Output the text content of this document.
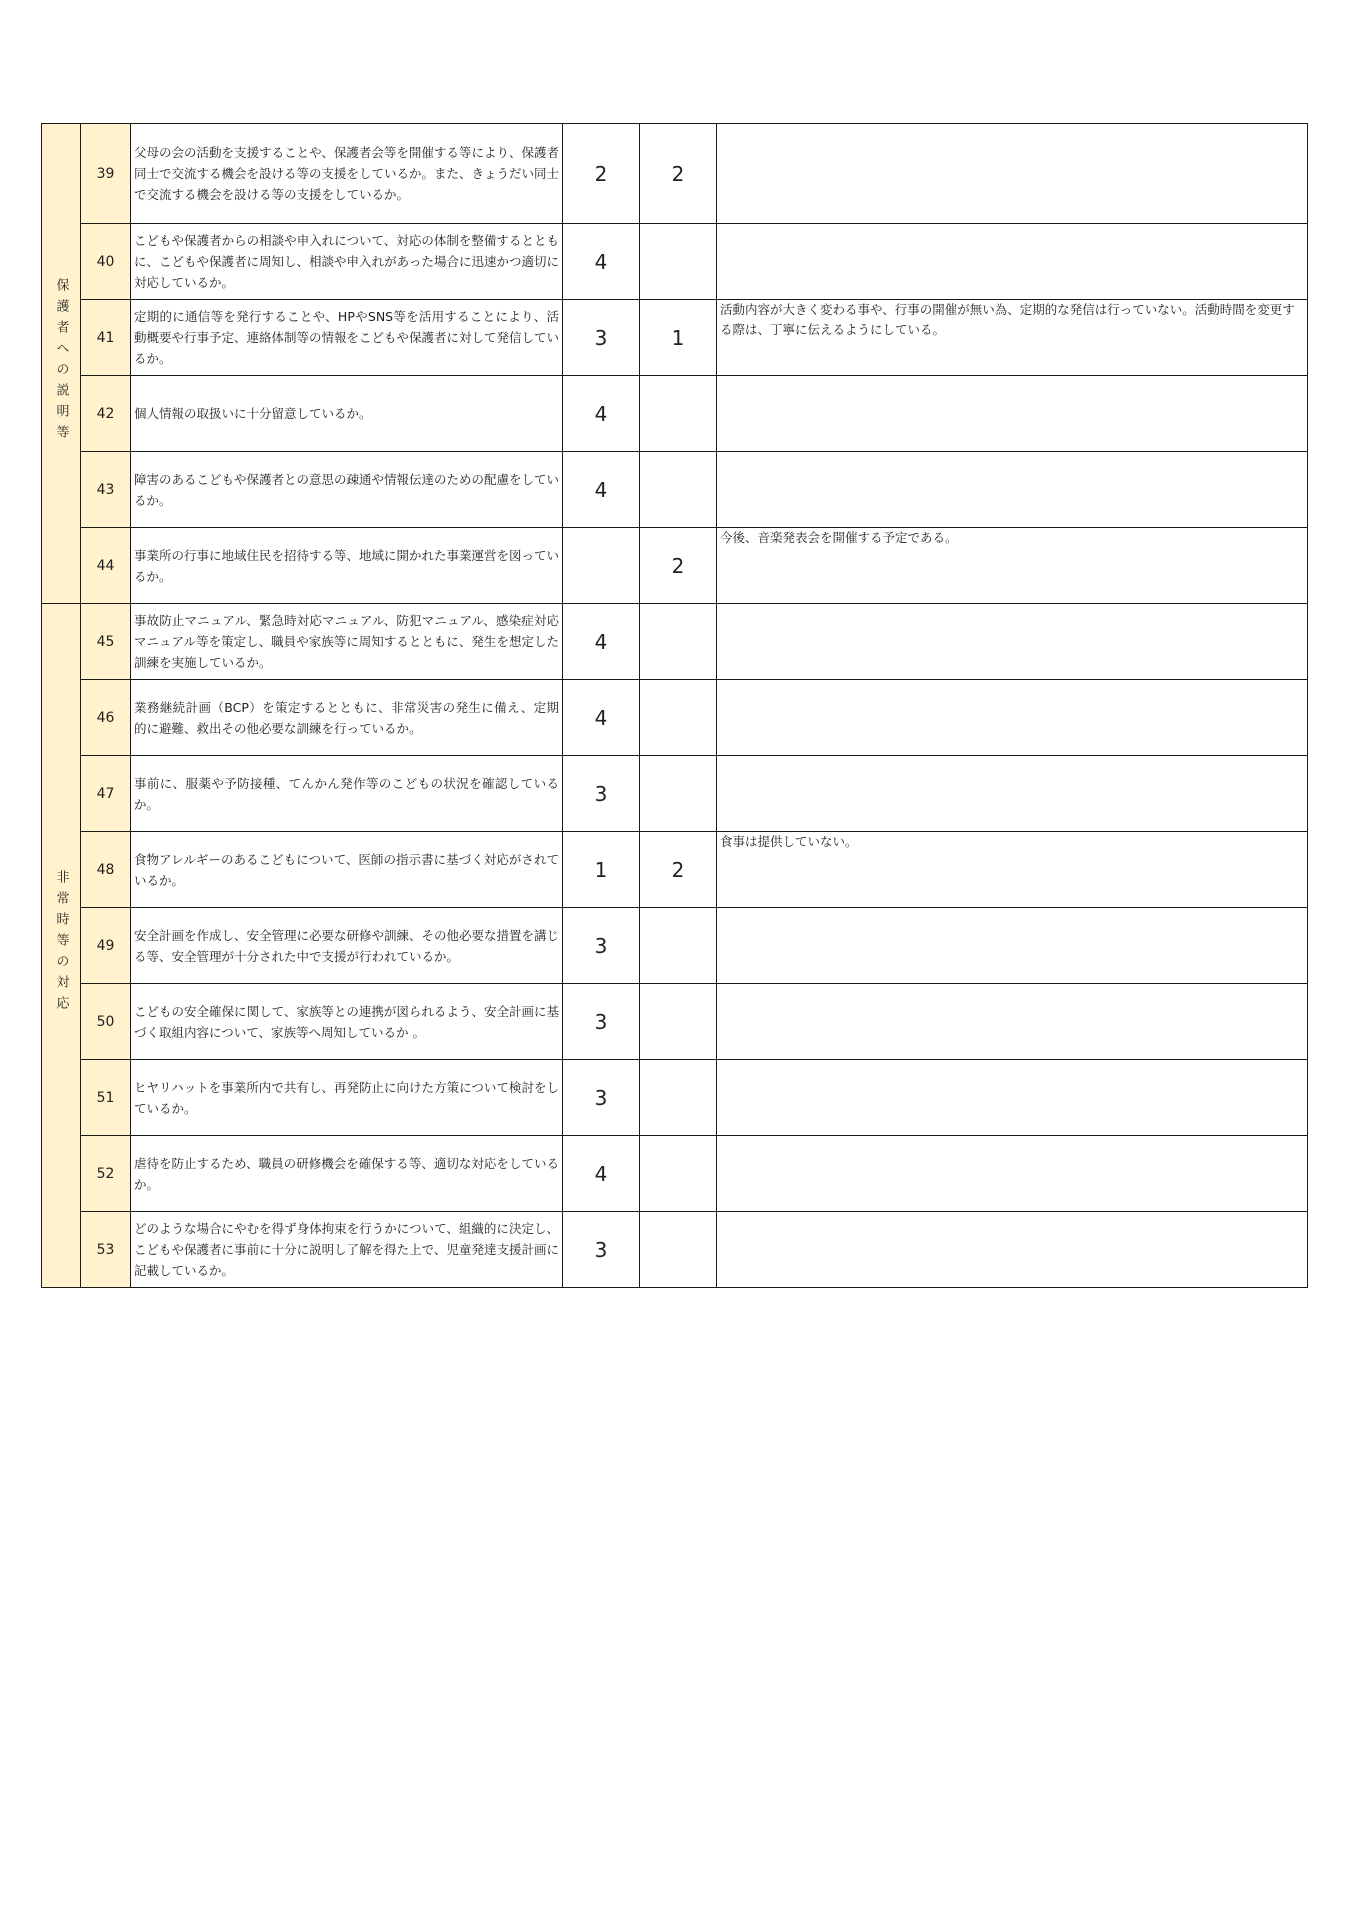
保護者への説明等	39	父母の会の活動を支援することや、保護者会等を開催する等により、保護者同士で交流する機会を設ける等の支援をしているか。また、きょうだい同士で交流する機会を設ける等の支援をしているか。	2	2	
	40	こどもや保護者からの相談や申入れについて、対応の体制を整備するとともに、こどもや保護者に周知し、相談や申入れがあった場合に迅速かつ適切に対応しているか。	4		
	41	定期的に通信等を発行することや、HPやSNS等を活用することにより、活動概要や行事予定、連絡体制等の情報をこどもや保護者に対して発信しているか。	3	1	活動内容が大きく変わる事や、行事の開催が無い為、定期的な発信は行っていない。活動時間を変更する際は、丁寧に伝えるようにしている。
	42	個人情報の取扱いに十分留意しているか。	4		
	43	障害のあるこどもや保護者との意思の疎通や情報伝達のための配慮をしているか。	4		
	44	事業所の行事に地域住民を招待する等、地域に開かれた事業運営を図っているか。		2	今後、音楽発表会を開催する予定である。
非常時等の対応	45	事故防止マニュアル、緊急時対応マニュアル、防犯マニュアル、感染症対応マニュアル等を策定し、職員や家族等に周知するとともに、発生を想定した訓練を実施しているか。	4		
	46	業務継続計画（BCP）を策定するとともに、非常災害の発生に備え、定期的に避難、救出その他必要な訓練を行っているか。	4		
	47	事前に、服薬や予防接種、てんかん発作等のこどもの状況を確認しているか。	3		
	48	食物アレルギーのあるこどもについて、医師の指示書に基づく対応がされているか。	1	2	食事は提供していない。
	49	安全計画を作成し、安全管理に必要な研修や訓練、その他必要な措置を講じる等、安全管理が十分された中で支援が行われているか。	3		
	50	こどもの安全確保に関して、家族等との連携が図られるよう、安全計画に基づく取組内容について、家族等へ周知しているか 。	3		
	51	ヒヤリハットを事業所内で共有し、再発防止に向けた方策について検討をしているか。	3		
	52	虐待を防止するため、職員の研修機会を確保する等、適切な対応をしているか。	4		
	53	どのような場合にやむを得ず身体拘束を行うかについて、組織的に決定し、こどもや保護者に事前に十分に説明し了解を得た上で、児童発達支援計画に記載しているか。	3		
